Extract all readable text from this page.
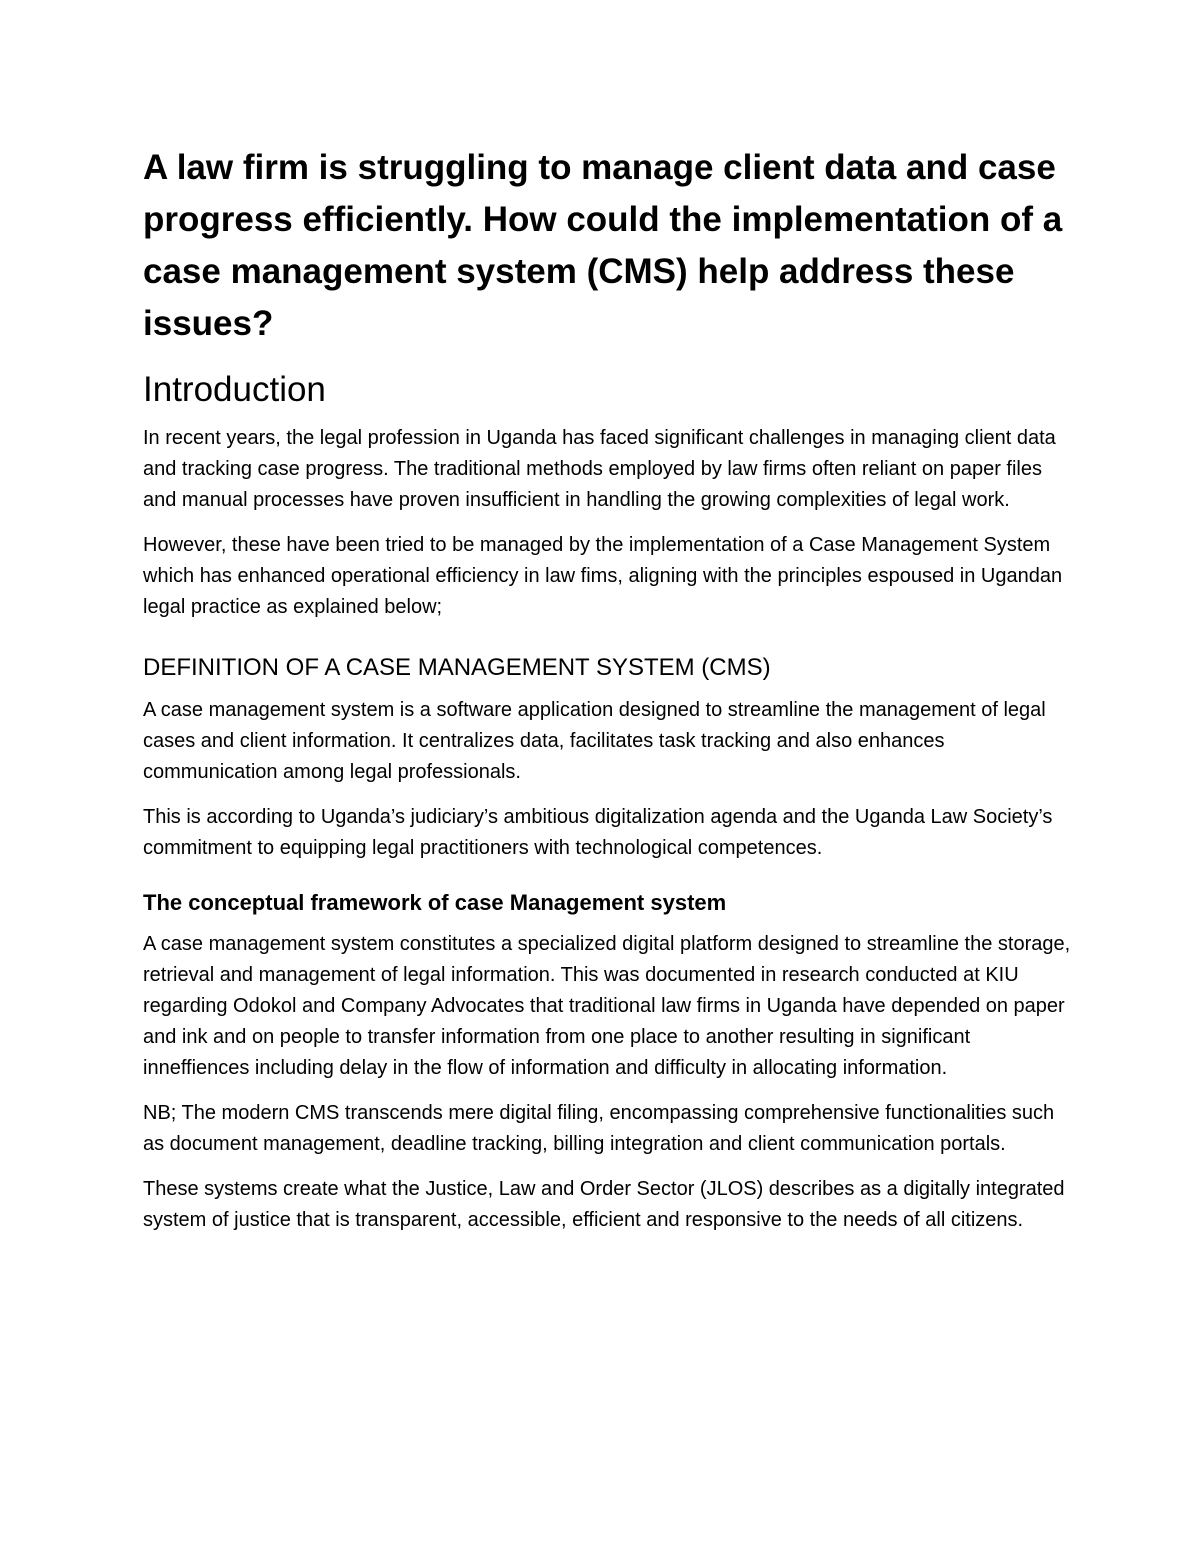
A law firm is struggling to manage client data and case progress efficiently. How could the implementation of a case management system (CMS) help address these issues?
Introduction

In recent years, the legal profession in Uganda has faced significant challenges in managing client data and tracking case progress. The traditional methods employed by law firms often reliant on paper files and manual processes have proven insufficient in handling the growing complexities of legal work.

However, these have been tried to be managed by the implementation of a Case Management System which has enhanced operational efficiency in law fims, aligning with the principles espoused in Ugandan legal practice as explained below;

DEFINITION OF A CASE MANAGEMENT SYSTEM (CMS)

A case management system is a software application designed to streamline the management of legal cases and client information. It centralizes data, facilitates task tracking and also enhances communication among legal professionals.

This is according to Uganda’s judiciary’s ambitious digitalization agenda and the Uganda Law Society’s commitment to equipping legal practitioners with technological competences.

The conceptual framework of case Management system

A case management system constitutes a specialized digital platform designed to streamline the storage, retrieval and management of legal information. This was documented in research conducted at KIU regarding Odokol and Company Advocates that traditional law firms in Uganda have depended on paper and ink and on people to transfer information from one place to another resulting in significant inneffiences including delay in the flow of information and difficulty in allocating information.

NB; The modern CMS transcends mere digital filing, encompassing comprehensive functionalities such as document management, deadline tracking, billing integration and client communication portals.

These systems create what the Justice, Law and Order Sector (JLOS) describes as a digitally integrated system of justice that is transparent, accessible, efficient and responsive to the needs of all citizens.
